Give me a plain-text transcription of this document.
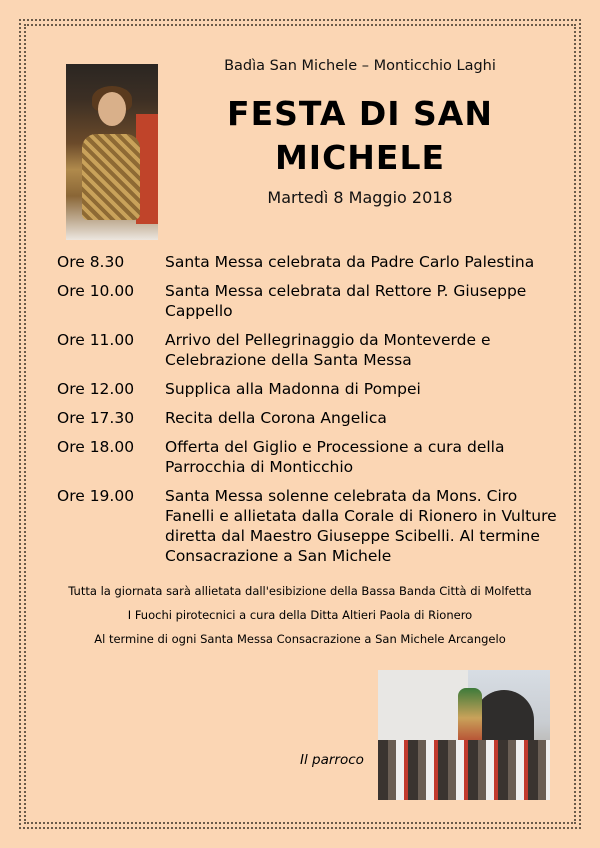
Badìa San Michele – Monticchio Laghi
FESTA DI SAN MICHELE
Martedì 8 Maggio 2018
Ore 8.30	Santa Messa celebrata da Padre Carlo Palestina
Ore 10.00	Santa Messa celebrata dal Rettore P. Giuseppe Cappello
Ore 11.00	Arrivo del Pellegrinaggio da Monteverde e Celebrazione della Santa Messa
Ore 12.00	Supplica alla Madonna di Pompei
Ore 17.30	Recita della Corona Angelica
Ore 18.00	Offerta del Giglio e Processione a cura della Parrocchia di Monticchio
Ore 19.00	Santa Messa solenne celebrata da Mons. Ciro Fanelli e allietata dalla Corale di Rionero in Vulture diretta dal Maestro Giuseppe Scibelli. Al termine Consacrazione a San Michele
Tutta la giornata sarà allietata dall'esibizione della Bassa Banda Città di Molfetta
I Fuochi pirotecnici a cura della Ditta Altieri Paola di Rionero
Al termine di ogni Santa Messa Consacrazione a San Michele Arcangelo
Il parroco
